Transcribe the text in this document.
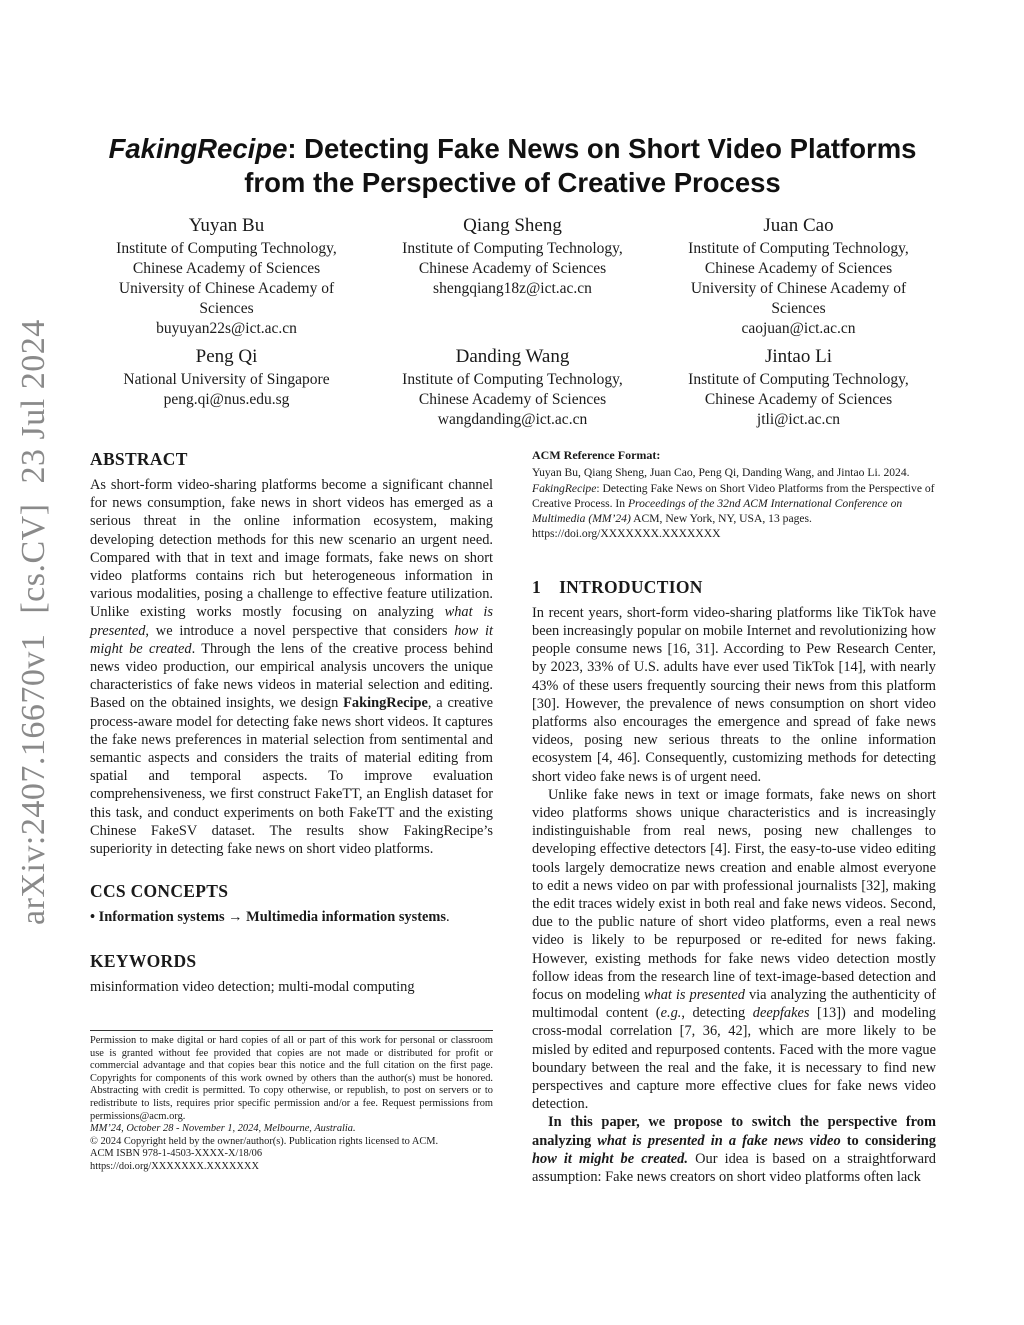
arXiv:2407.16670v1
[cs.CV]
23 Jul 2024
FakingRecipe: Detecting Fake News on Short Video Platforms
from the Perspective of Creative Process
Yuyan Bu
Institute of Computing Technology,
Chinese Academy of Sciences
University of Chinese Academy of
Sciences
buyuyan22s@ict.ac.cn
Qiang Sheng
Institute of Computing Technology,
Chinese Academy of Sciences
shengqiang18z@ict.ac.cn
Juan Cao
Institute of Computing Technology,
Chinese Academy of Sciences
University of Chinese Academy of
Sciences
caojuan@ict.ac.cn
Peng Qi
National University of Singapore
peng.qi@nus.edu.sg
Danding Wang
Institute of Computing Technology,
Chinese Academy of Sciences
wangdanding@ict.ac.cn
Jintao Li
Institute of Computing Technology,
Chinese Academy of Sciences
jtli@ict.ac.cn
ABSTRACT

As short-form video-sharing platforms become a significant channel for news consumption, fake news in short videos has emerged as a serious threat in the online information ecosystem, making developing detection methods for this new scenario an urgent need. Compared with that in text and image formats, fake news on short video platforms contains rich but heterogeneous information in various modalities, posing a challenge to effective feature utilization. Unlike existing works mostly focusing on analyzing what is presented, we introduce a novel perspective that considers how it might be created. Through the lens of the creative process behind news video production, our empirical analysis uncovers the unique characteristics of fake news videos in material selection and editing. Based on the obtained insights, we design FakingRecipe, a creative process-aware model for detecting fake news short videos. It captures the fake news preferences in material selection from sentimental and semantic aspects and considers the traits of material editing from spatial and temporal aspects. To improve evaluation comprehensiveness, we first construct FakeTT, an English dataset for this task, and conduct experiments on both FakeTT and the existing Chinese FakeSV dataset. The results show FakingRecipe’s superiority in detecting fake news on short video platforms.

CCS CONCEPTS

• Information systems → Multimedia information systems.

KEYWORDS

misinformation video detection; multi-modal computing

Permission to make digital or hard copies of all or part of this work for personal or classroom use is granted without fee provided that copies are not made or distributed for profit or commercial advantage and that copies bear this notice and the full citation on the first page. Copyrights for components of this work owned by others than the author(s) must be honored. Abstracting with credit is permitted. To copy otherwise, or republish, to post on servers or to redistribute to lists, requires prior specific permission and/or a fee. Request permissions from permissions@acm.org.

MM’24, October 28 - November 1, 2024, Melbourne, Australia.

© 2024 Copyright held by the owner/author(s). Publication rights licensed to ACM.

ACM ISBN 978-1-4503-XXXX-X/18/06

https://doi.org/XXXXXXX.XXXXXXX

ACM Reference Format:
Yuyan Bu, Qiang Sheng, Juan Cao, Peng Qi, Danding Wang, and Jintao Li. 2024. FakingRecipe: Detecting Fake News on Short Video Platforms from the Perspective of Creative Process. In Proceedings of the 32nd ACM International Conference on Multimedia (MM’24) ACM, New York, NY, USA, 13 pages. https://doi.org/XXXXXXX.XXXXXXX

1 INTRODUCTION

In recent years, short-form video-sharing platforms like TikTok have been increasingly popular on mobile Internet and revolutionizing how people consume news [16, 31]. According to Pew Research Center, by 2023, 33% of U.S. adults have ever used TikTok [14], with nearly 43% of these users frequently sourcing their news from this platform [30]. However, the prevalence of news consumption on short video platforms also encourages the emergence and spread of fake news videos, posing new serious threats to the online information ecosystem [4, 46]. Consequently, customizing methods for detecting short video fake news is of urgent need.

Unlike fake news in text or image formats, fake news on short video platforms shows unique characteristics and is increasingly indistinguishable from real news, posing new challenges to developing effective detectors [4]. First, the easy-to-use video editing tools largely democratize news creation and enable almost everyone to edit a news video on par with professional journalists [32], making the edit traces widely exist in both real and fake news videos. Second, due to the public nature of short video platforms, even a real news video is likely to be repurposed or re-edited for news faking. However, existing methods for fake news video detection mostly follow ideas from the research line of text-image-based detection and focus on modeling what is presented via analyzing the authenticity of multimodal content (e.g., detecting deepfakes [13]) and modeling cross-modal correlation [7, 36, 42], which are more likely to be misled by edited and repurposed contents. Faced with the more vague boundary between the real and the fake, it is necessary to find new perspectives and capture more effective clues for fake news video detection.

In this paper, we propose to switch the perspective from analyzing what is presented in a fake news video to considering how it might be created. Our idea is based on a straightforward assumption: Fake news creators on short video platforms often lack
